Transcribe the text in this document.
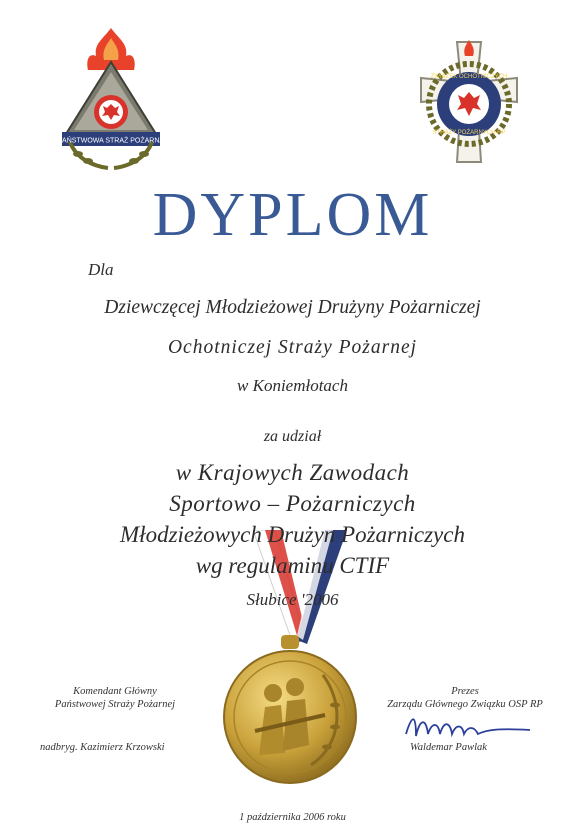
PAŃSTWOWA STRAŻ POŻARNA
ZWIĄZEK OCHOTNICZYCH
STRAŻY POŻARNYCH RP
DYPLOM
Dla
Dziewczęcej Młodzieżowej Drużyny Pożarniczej
Ochotniczej Straży Pożarnej
w Koniemłotach
za udział
w Krajowych Zawodach
Sportowo – Pożarniczych
Młodzieżowych Drużyn Pożarniczych
wg regulaminu CTIF
Słubice '2006
Komendant Główny
Państwowej Straży Pożarnej
nadbryg. Kazimierz Krzowski
Prezes
Zarządu Głównego Związku OSP RP
Waldemar Pawlak
1 października 2006 roku
